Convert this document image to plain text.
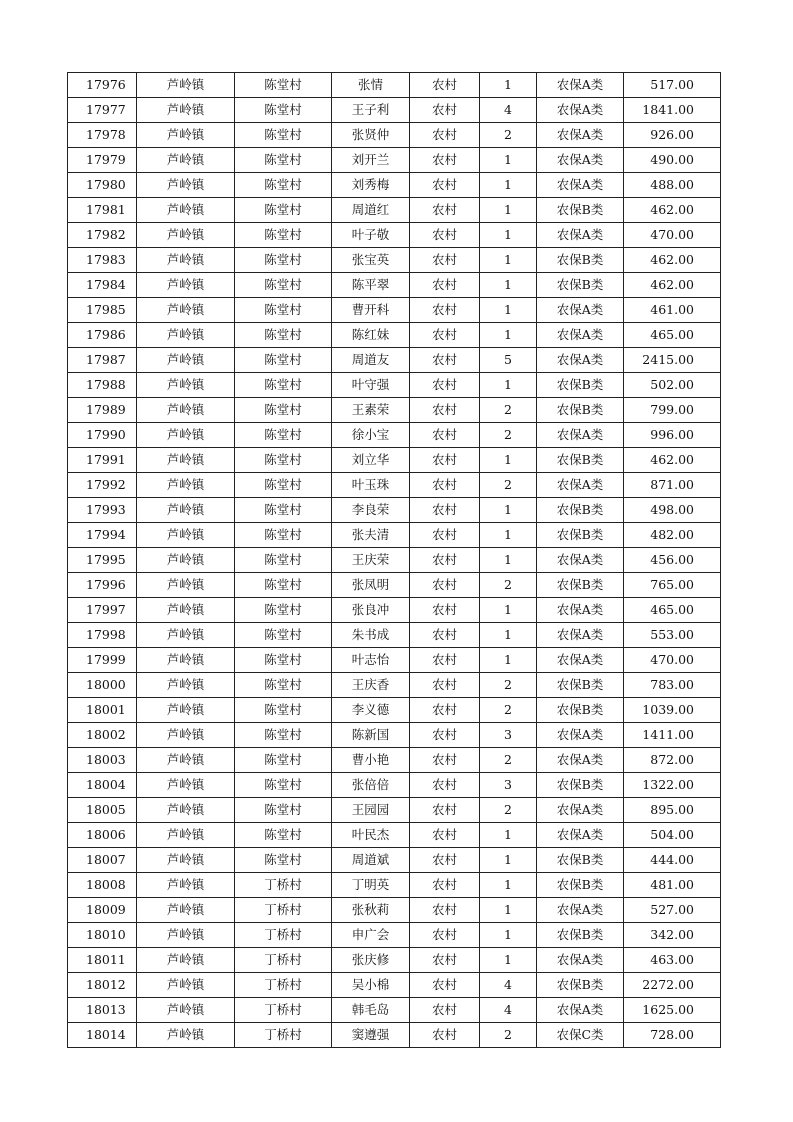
17976	芦岭镇	陈堂村	张情	农村	1	农保A类	517.00
17977	芦岭镇	陈堂村	王子利	农村	4	农保A类	1841.00
17978	芦岭镇	陈堂村	张贤仲	农村	2	农保A类	926.00
17979	芦岭镇	陈堂村	刘开兰	农村	1	农保A类	490.00
17980	芦岭镇	陈堂村	刘秀梅	农村	1	农保A类	488.00
17981	芦岭镇	陈堂村	周道红	农村	1	农保B类	462.00
17982	芦岭镇	陈堂村	叶子敬	农村	1	农保A类	470.00
17983	芦岭镇	陈堂村	张宝英	农村	1	农保B类	462.00
17984	芦岭镇	陈堂村	陈平翠	农村	1	农保B类	462.00
17985	芦岭镇	陈堂村	曹开科	农村	1	农保A类	461.00
17986	芦岭镇	陈堂村	陈红妹	农村	1	农保A类	465.00
17987	芦岭镇	陈堂村	周道友	农村	5	农保A类	2415.00
17988	芦岭镇	陈堂村	叶守强	农村	1	农保B类	502.00
17989	芦岭镇	陈堂村	王素荣	农村	2	农保B类	799.00
17990	芦岭镇	陈堂村	徐小宝	农村	2	农保A类	996.00
17991	芦岭镇	陈堂村	刘立华	农村	1	农保B类	462.00
17992	芦岭镇	陈堂村	叶玉珠	农村	2	农保A类	871.00
17993	芦岭镇	陈堂村	李良荣	农村	1	农保B类	498.00
17994	芦岭镇	陈堂村	张夫清	农村	1	农保B类	482.00
17995	芦岭镇	陈堂村	王庆荣	农村	1	农保A类	456.00
17996	芦岭镇	陈堂村	张凤明	农村	2	农保B类	765.00
17997	芦岭镇	陈堂村	张良冲	农村	1	农保A类	465.00
17998	芦岭镇	陈堂村	朱书成	农村	1	农保A类	553.00
17999	芦岭镇	陈堂村	叶志怡	农村	1	农保A类	470.00
18000	芦岭镇	陈堂村	王庆香	农村	2	农保B类	783.00
18001	芦岭镇	陈堂村	李义德	农村	2	农保B类	1039.00
18002	芦岭镇	陈堂村	陈新国	农村	3	农保A类	1411.00
18003	芦岭镇	陈堂村	曹小艳	农村	2	农保A类	872.00
18004	芦岭镇	陈堂村	张倍倍	农村	3	农保B类	1322.00
18005	芦岭镇	陈堂村	王园园	农村	2	农保A类	895.00
18006	芦岭镇	陈堂村	叶民杰	农村	1	农保A类	504.00
18007	芦岭镇	陈堂村	周道斌	农村	1	农保B类	444.00
18008	芦岭镇	丁桥村	丁明英	农村	1	农保B类	481.00
18009	芦岭镇	丁桥村	张秋莉	农村	1	农保A类	527.00
18010	芦岭镇	丁桥村	申广会	农村	1	农保B类	342.00
18011	芦岭镇	丁桥村	张庆修	农村	1	农保A类	463.00
18012	芦岭镇	丁桥村	吴小棉	农村	4	农保B类	2272.00
18013	芦岭镇	丁桥村	韩毛岛	农村	4	农保A类	1625.00
18014	芦岭镇	丁桥村	窦遵强	农村	2	农保C类	728.00
